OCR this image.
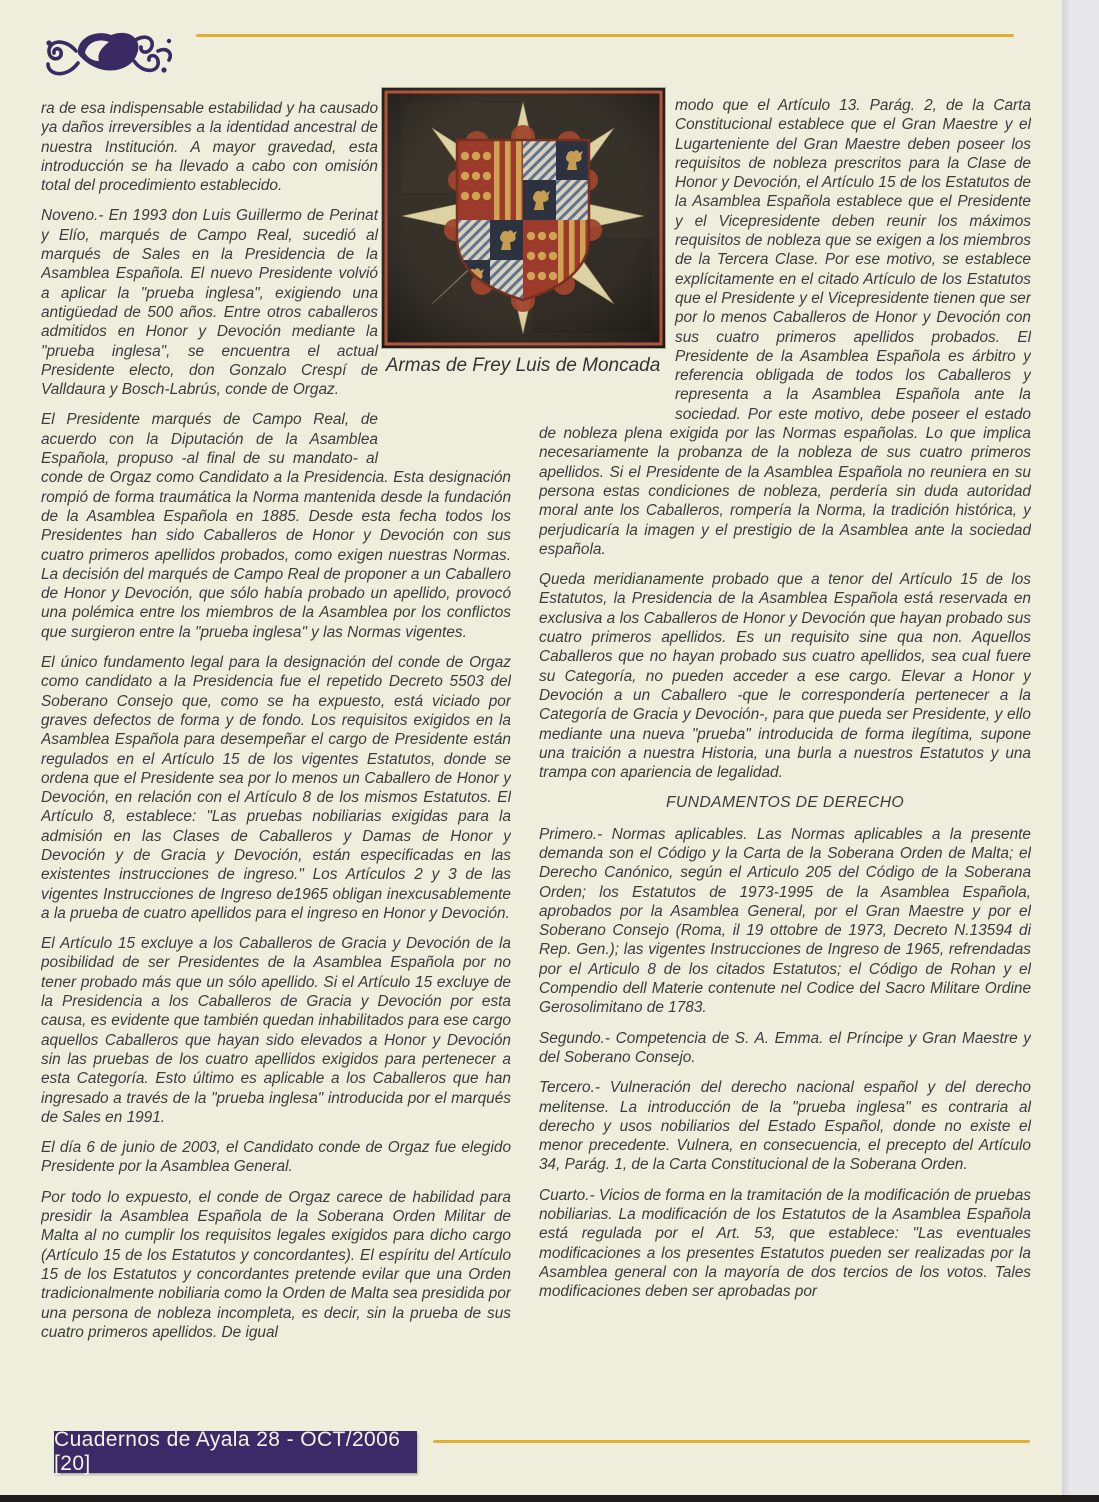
Armas de Frey Luis de Moncada

ra de esa indispensable estabilidad y ha causado ya daños irreversibles a la identidad ancestral de nuestra Institución. A mayor gravedad, esta introducción se ha llevado a cabo con omisión total del procedimiento establecido.

Noveno.- En 1993 don Luis Guillermo de Perinat y Elío, marqués de Campo Real, sucedió al marqués de Sales en la Presidencia de la Asamblea Española. El nuevo Presidente volvió a aplicar la "prueba inglesa", exigiendo una antigüedad de 500 años. Entre otros caballeros admitidos en Honor y Devoción mediante la "prueba inglesa", se encuentra el actual Presidente electo, don Gonzalo Crespí de Valldaura y Bosch-Labrús, conde de Orgaz.

El Presidente marqués de Campo Real, de acuerdo con la Diputación de la Asamblea Española, propuso -al final de su mandato- al conde de Orgaz como Candidato a la Presidencia. Esta designación rompió de forma traumática la Norma mantenida desde la fundación de la Asamblea Española en 1885. Desde esta fecha todos los Presidentes han sido Caballeros de Honor y Devoción con sus cuatro primeros apellidos probados, como exigen nuestras Normas. La decisión del marqués de Campo Real de proponer a un Caballero de Honor y Devoción, que sólo había probado un apellido, provocó una polémica entre los miembros de la Asamblea por los conflictos que surgieron entre la "prueba inglesa" y las Normas vigentes.

El único fundamento legal para la designación del conde de Orgaz como candidato a la Presidencia fue el repetido Decreto 5503 del Soberano Consejo que, como se ha expuesto, está viciado por graves defectos de forma y de fondo. Los requisitos exigidos en la Asamblea Española para desempeñar el cargo de Presidente están regulados en el Artículo 15 de los vigentes Estatutos, donde se ordena que el Presidente sea por lo menos un Caballero de Honor y Devoción, en relación con el Artículo 8 de los mismos Estatutos. El Artículo 8, establece: "Las pruebas nobiliarias exigidas para la admisión en las Clases de Caballeros y Damas de Honor y Devoción y de Gracia y Devoción, están especificadas en las existentes instrucciones de ingreso." Los Artículos 2 y 3 de las vigentes Instrucciones de Ingreso de1965 obligan inexcusablemente a la prueba de cuatro apellidos para el ingreso en Honor y Devoción.

El Artículo 15 excluye a los Caballeros de Gracia y Devoción de la posibilidad de ser Presidentes de la Asamblea Española por no tener probado más que un sólo apellido. Si el Artículo 15 excluye de la Presidencia a los Caballeros de Gracia y Devoción por esta causa, es evidente que también quedan inhabilitados para ese cargo aquellos Caballeros que hayan sido elevados a Honor y Devoción sin las pruebas de los cuatro apellidos exigidos para pertenecer a esta Categoría. Esto último es aplicable a los Caballeros que han ingresado a través de la "prueba inglesa" introducida por el marqués de Sales en 1991.

El día 6 de junio de 2003, el Candidato conde de Orgaz fue elegido Presidente por la Asamblea General.

Por todo lo expuesto, el conde de Orgaz carece de habilidad para presidir la Asamblea Española de la Soberana Orden Militar de Malta al no cumplir los requisitos legales exigidos para dicho cargo (Artículo 15 de los Estatutos y concordantes). El espíritu del Artículo 15 de los Estatutos y concordantes pretende evilar que una Orden tradicionalmente nobiliaria como la Orden de Malta sea presidida por una persona de nobleza incompleta, es decir, sin la prueba de sus cuatro primeros apellidos. De igual

modo que el Artículo 13. Parág. 2, de la Carta Constitucional establece que el Gran Maestre y el Lugarteniente del Gran Maestre deben poseer los requisitos de nobleza prescritos para la Clase de Honor y Devoción, el Artículo 15 de los Estatutos de la Asamblea Española establece que el Presidente y el Vicepresidente deben reunir los máximos requisitos de nobleza que se exigen a los miembros de la Tercera Clase. Por ese motivo, se establece explícitamente en el citado Artículo de los Estatutos que el Presidente y el Vicepresidente tienen que ser por lo menos Caballeros de Honor y Devoción con sus cuatro primeros apellidos probados. El Presidente de la Asamblea Española es árbitro y referencia obligada de todos los Caballeros y representa a la Asamblea Española ante la sociedad. Por este motivo, debe poseer el estado de nobleza plena exigida por las Normas españolas. Lo que implica necesariamente la probanza de la nobleza de sus cuatro primeros apellidos. Si el Presidente de la Asamblea Española no reuniera en su persona estas condiciones de nobleza, perdería sin duda autoridad moral ante los Caballeros, rompería la Norma, la tradición histórica, y perjudicaría la imagen y el prestigio de la Asamblea ante la sociedad española.

Queda meridianamente probado que a tenor del Artículo 15 de los Estatutos, la Presidencia de la Asamblea Española está reservada en exclusiva a los Caballeros de Honor y Devoción que hayan probado sus cuatro primeros apellidos. Es un requisito sine qua non. Aquellos Caballeros que no hayan probado sus cuatro apellidos, sea cual fuere su Categoría, no pueden acceder a ese cargo. Elevar a Honor y Devoción a un Caballero -que le correspondería pertenecer a la Categoría de Gracia y Devoción-, para que pueda ser Presidente, y ello mediante una nueva "prueba" introducida de forma ilegítima, supone una traición a nuestra Historia, una burla a nuestros Estatutos y una trampa con apariencia de legalidad.

FUNDAMENTOS DE DERECHO

Primero.- Normas aplicables. Las Normas aplicables a la presente demanda son el Código y la Carta de la Soberana Orden de Malta; el Derecho Canónico, según el Articulo 205 del Código de la Soberana Orden; los Estatutos de 1973-1995 de la Asamblea Española, aprobados por la Asamblea General, por el Gran Maestre y por el Soberano Consejo (Roma, il 19 ottobre de 1973, Decreto N.13594 di Rep. Gen.); las vigentes Instrucciones de Ingreso de 1965, refrendadas por el Articulo 8 de los citados Estatutos; el Código de Rohan y el Compendio dell Materie contenute nel Codice del Sacro Militare Ordine Gerosolimitano de 1783.

Segundo.- Competencia de S. A. Emma. el Príncipe y Gran Maestre y del Soberano Consejo.

Tercero.- Vulneración del derecho nacional español y del derecho melitense. La introducción de la "prueba inglesa" es contraria al derecho y usos nobiliarios del Estado Español, donde no existe el menor precedente. Vulnera, en consecuencia, el precepto del Artículo 34, Parág. 1, de la Carta Constitucional de la Soberana Orden.

Cuarto.- Vicios de forma en la tramitación de la modificación de pruebas nobiliarias. La modificación de los Estatutos de la Asamblea Española está regulada por el Art. 53, que establece: "Las eventuales modificaciones a los presentes Estatutos pueden ser realizadas por la Asamblea general con la mayoría de dos tercios de los votos. Tales modificaciones deben ser aprobadas por

Cuadernos de Ayala 28 - OCT/2006 [20]
